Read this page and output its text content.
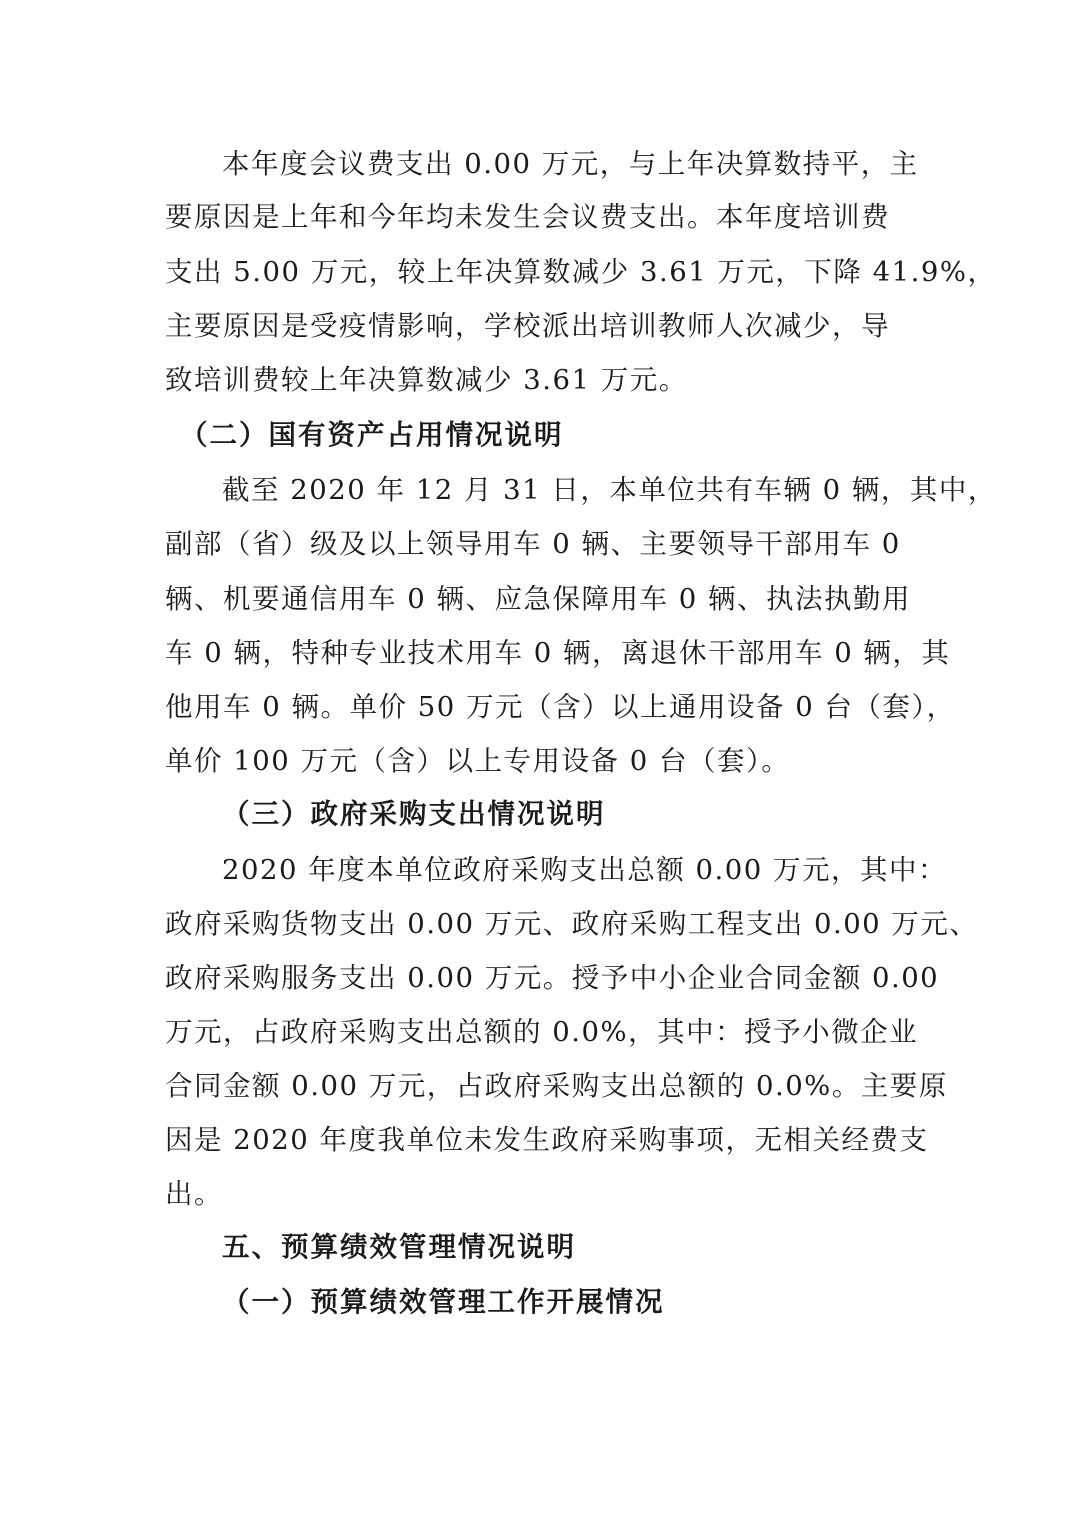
本年度会议费支出 0.00 万元，与上年决算数持平，主
要原因是上年和今年均未发生会议费支出。本年度培训费
支出 5.00 万元，较上年决算数减少 3.61 万元，下降 41.9%，
主要原因是受疫情影响，学校派出培训教师人次减少，导
致培训费较上年决算数减少 3.61 万元。
（二）国有资产占用情况说明
截至 2020 年 12 月 31 日，本单位共有车辆 0 辆，其中，
副部（省）级及以上领导用车 0 辆、主要领导干部用车 0
辆、机要通信用车 0 辆、应急保障用车 0 辆、执法执勤用
车 0 辆，特种专业技术用车 0 辆，离退休干部用车 0 辆，其
他用车 0 辆。单价 50 万元（含）以上通用设备 0 台（套），
单价 100 万元（含）以上专用设备 0 台（套）。
（三）政府采购支出情况说明
2020 年度本单位政府采购支出总额 0.00 万元，其中：
政府采购货物支出 0.00 万元、政府采购工程支出 0.00 万元、
政府采购服务支出 0.00 万元。授予中小企业合同金额 0.00
万元，占政府采购支出总额的 0.0%，其中：授予小微企业
合同金额 0.00 万元，占政府采购支出总额的 0.0%。主要原
因是 2020 年度我单位未发生政府采购事项，无相关经费支
出。
五、预算绩效管理情况说明
（一）预算绩效管理工作开展情况
